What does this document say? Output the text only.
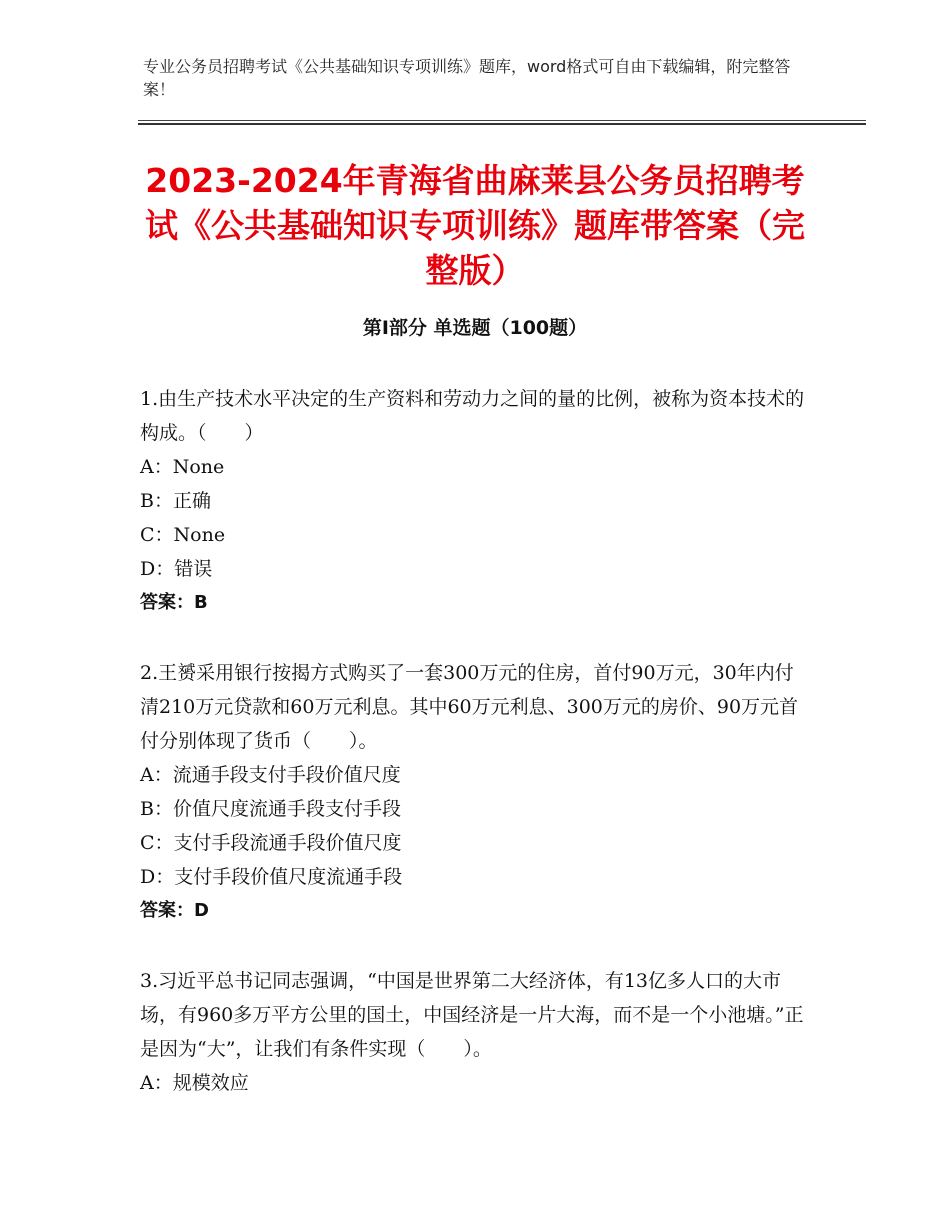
专业公务员招聘考试《公共基础知识专项训练》题库，word格式可自由下载编辑，附完整答案！
2023-2024年青海省曲麻莱县公务员招聘考试《公共基础知识专项训练》题库带答案（完整版）
第Ⅰ部分 单选题（100题）

1.由生产技术水平决定的生产资料和劳动力之间的量的比例，被称为资本技术的构成。（　　）

A：None

B：正确

C：None

D：错误

答案：B

2.王赟采用银行按揭方式购买了一套300万元的住房，首付90万元，30年内付清210万元贷款和60万元利息。其中60万元利息、300万元的房价、90万元首付分别体现了货币（　　）。

A：流通手段支付手段价值尺度

B：价值尺度流通手段支付手段

C：支付手段流通手段价值尺度

D：支付手段价值尺度流通手段

答案：D

3.习近平总书记同志强调，“中国是世界第二大经济体，有13亿多人口的大市场，有960多万平方公里的国土，中国经济是一片大海，而不是一个小池塘。”正是因为“大”，让我们有条件实现（　　）。

A：规模效应
